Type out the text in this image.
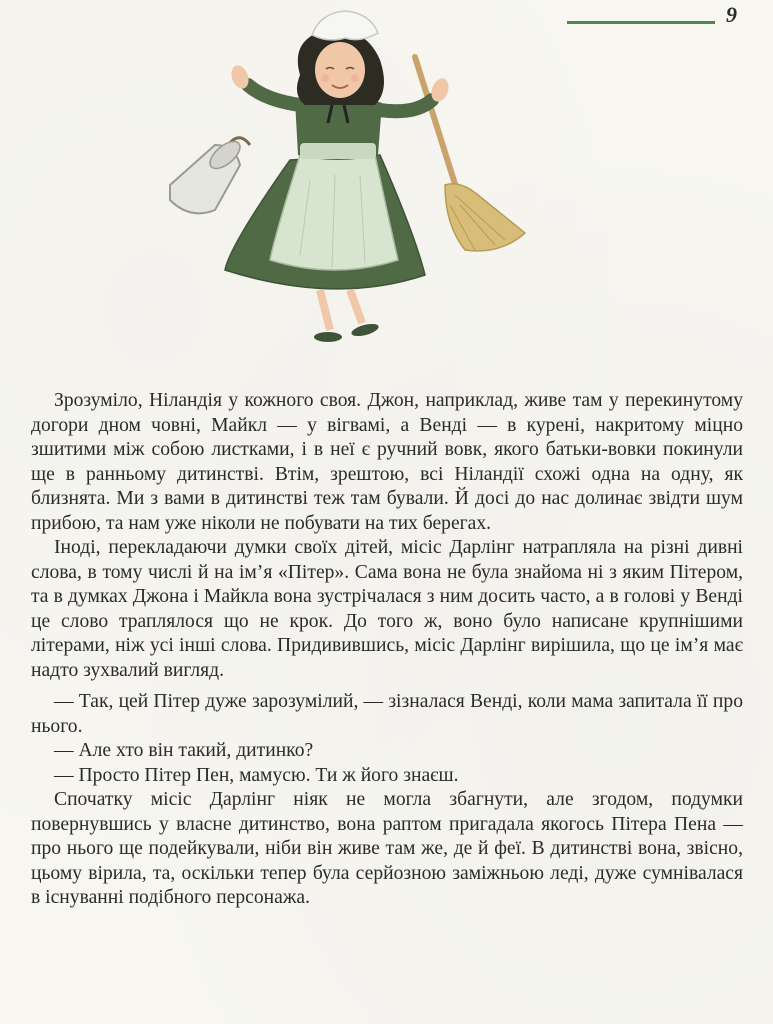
9

Зрозуміло, Ніландія у кожного своя. Джон, наприклад, живе там у перекинутому догори дном човні, Майкл — у вігвамі, а Венді — в курені, накритому міцно зшитими між собою листками, і в неї є ручний вовк, якого батьки-вовки покинули ще в ранньому дитинстві. Втім, зрештою, всі Ніландії схожі одна на одну, як близнята. Ми з вами в дитинстві теж там бували. Й досі до нас долинає звідти шум прибою, та нам уже ніколи не побувати на тих берегах.

Іноді, перекладаючи думки своїх дітей, місіс Дарлінг натрапляла на різні дивні слова, в тому числі й на ім’я «Пітер». Сама вона не була знайома ні з яким Пітером, та в думках Джона і Майкла вона зустрічалася з ним досить часто, а в голові у Венді це слово траплялося що не крок. До того ж, воно було написане крупнішими літерами, ніж усі інші слова. Придивившись, місіс Дарлінг вирішила, що це ім’я має надто зухвалий вигляд.

— Так, цей Пітер дуже зарозумілий, — зізналася Венді, коли мама запитала її про нього.

— Але хто він такий, дитинко?

— Просто Пітер Пен, мамусю. Ти ж його знаєш.

Спочатку місіс Дарлінг ніяк не могла збагнути, але згодом, подумки повернувшись у власне дитинство, вона раптом пригадала якогось Пітера Пена — про нього ще подейкували, ніби він живе там же, де й феї. В дитинстві вона, звісно, цьому вірила, та, оскільки тепер була серйозною заміжньою леді, дуже сумнівалася в існуванні подібного персонажа.
